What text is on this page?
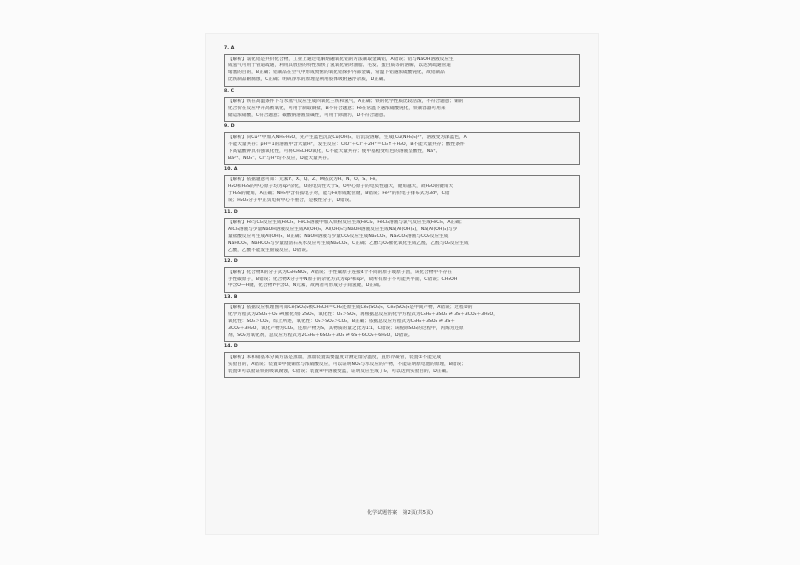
7. A
【解析】氯化铝是共价化合物，工业上通过电解熔融氧化铝的方法制取金属铝，A错误；铝与NaOH溶液反应生
成氢气可用于管道疏通，利用其放热的特性加快了氢氧化钠对油脂、毛发、蛋白质等的溶解，以达到疏通管道
堵塞的目的，B正确；铝制品在空气中形成致密的氧化铝保护内部金属，常温下铝遇浓硫酸钝化，故铝制品
比铁制品耐腐蚀，C正确；明矾净水的原理是利用胶体吸附悬浮杂质，D正确。
8. C
【解析】铁在高温条件下与水蒸气反应生成四氧化三铁和氢气，A正确；铁的化学性质比较活泼，不符合题意；铜的
化合价在反应中升高被氧化，可用于制取铜盐，B不符合题意；Fe在常温下遇浓硝酸钝化，铁制容器可用来
储运浓硝酸，C符合题意；碳酸钠溶液显碱性，可用于除油污，D不符合题意。
9. D
【解析】向Cu²⁺中加入NH₃·H₂O，先产生蓝色沉淀Cu(OH)₂，后沉淀溶解，生成[Cu(NH₃)₄]²⁺，溶液变为深蓝色，A
不能大量共存；pH＝1的溶液中含大量H⁺，发生反应：ClO⁻＋Cl⁻＋2H⁺＝Cl₂↑＋H₂O，B不能大量共存；酸性条件
下高锰酸钾具有强氧化性，可将CH₃CHO氧化，C不能大量共存；使甲基橙变红色的溶液呈酸性，Na⁺、
Ba²⁺、NO₃⁻、Cl⁻与H⁺均不反应，D能大量共存。
10. A
【解析】依据题意可知：元素Y、X、Q、Z、M依次为H、N、O、S、Fe。
H₂O和H₂S的中心原子均为sp³杂化，O的电负性大于S，O中心原子的电负性越大，键角越大，故H₂O的键角大
于H₂S的键角，A正确；NH₃中含有孤电子对，能与Fe形成配位键，B错误；Fe²⁺的价电子排布式为3d⁶，C错
误；H₂O₂分子中正负电荷中心不重合，是极性分子，D错误。
11. D
【解析】Fe与Cl₂反应生成FeCl₃，FeCl₃溶液中加入铁粉反应生成FeCl₂，FeCl₂溶液与氯气反应生成FeCl₃，A正确；
AlCl₃溶液与少量NaOH溶液反应生成Al(OH)₃，Al(OH)₃与NaOH溶液反应生成Na[Al(OH)₄]，Na[Al(OH)₄]与少
量盐酸反应可生成Al(OH)₃，B正确；NaOH溶液与少量CO₂反应生成Na₂CO₃，Na₂CO₃溶液与CO₂反应生成
NaHCO₃，NaHCO₃与少量澄清石灰水反应可生成Na₂CO₃，C正确；乙醇与O₂催化氧化生成乙醛，乙醛与O₂反应生成
乙酸，乙酸不能发生银镜反应，D错误。
12. D
【解析】化合物X的分子式为C₉H₉NO₂，A错误；手性碳原子连接4个不同的原子或原子团，该化合物中不存在
手性碳原子，B错误；化合物X分子中N原子的杂化方式为sp³和sp²，故所有原子不可能共平面，C错误；CH₃OH
中含O—H键，化合物Y中含O、N元素，故两者可形成分子间氢键，D正确。
13. B
【解析】依据反应机理图可知Ce(SO₄)₂被CH₃CH＝CH₂还原生成Ce₂(SO₄)₃，Ce₂(SO₄)₃是中间产物，A错误；过程②的
化学方程式为2SO₂＋O₂ ⇌(催化剂) 2SO₃，氧化性：O₂＞SO₃，再根据总反应的化学方程式为C₃H₆＋3SO₂ ⇌ 3S＋3CO₂＋3H₂O，
氧化性：SO₂＞CO₂，综上所述，氧化性：O₂＞SO₂＞CO₂，B正确；依据总反应方程式为C₃H₆＋3SO₂ ⇌ 3S＋
3CO₂＋3H₂O，氧化产物为CO₂，还原产物为S，其物质的量之比为1∶1，C错误；该脱除SO₂的过程中，丙烯为还原
剂，SO₂为氧化剂，总反应方程式为2C₃H₆＋6SO₂＋3O₂ ⇌ 6S＋6CO₂＋6H₂O，D错误。
14. D
【解析】苯和硝基苯分离方法是蒸馏，蒸馏装置需要温度计测定馏分温度，直形冷凝管，装置①不能完成
实验目的，A错误；装置②中使铜丝与浓硝酸反应，可以证明NO₂与水反应的产物，不能证明原电池的原理，B错误；
装置③可以验证铁的吸氧腐蚀，C错误；装置④中溶液变蓝，证明反应生成了I₂，可以达到实验目的，D正确。
化学试题答案 第2页(共5页)
